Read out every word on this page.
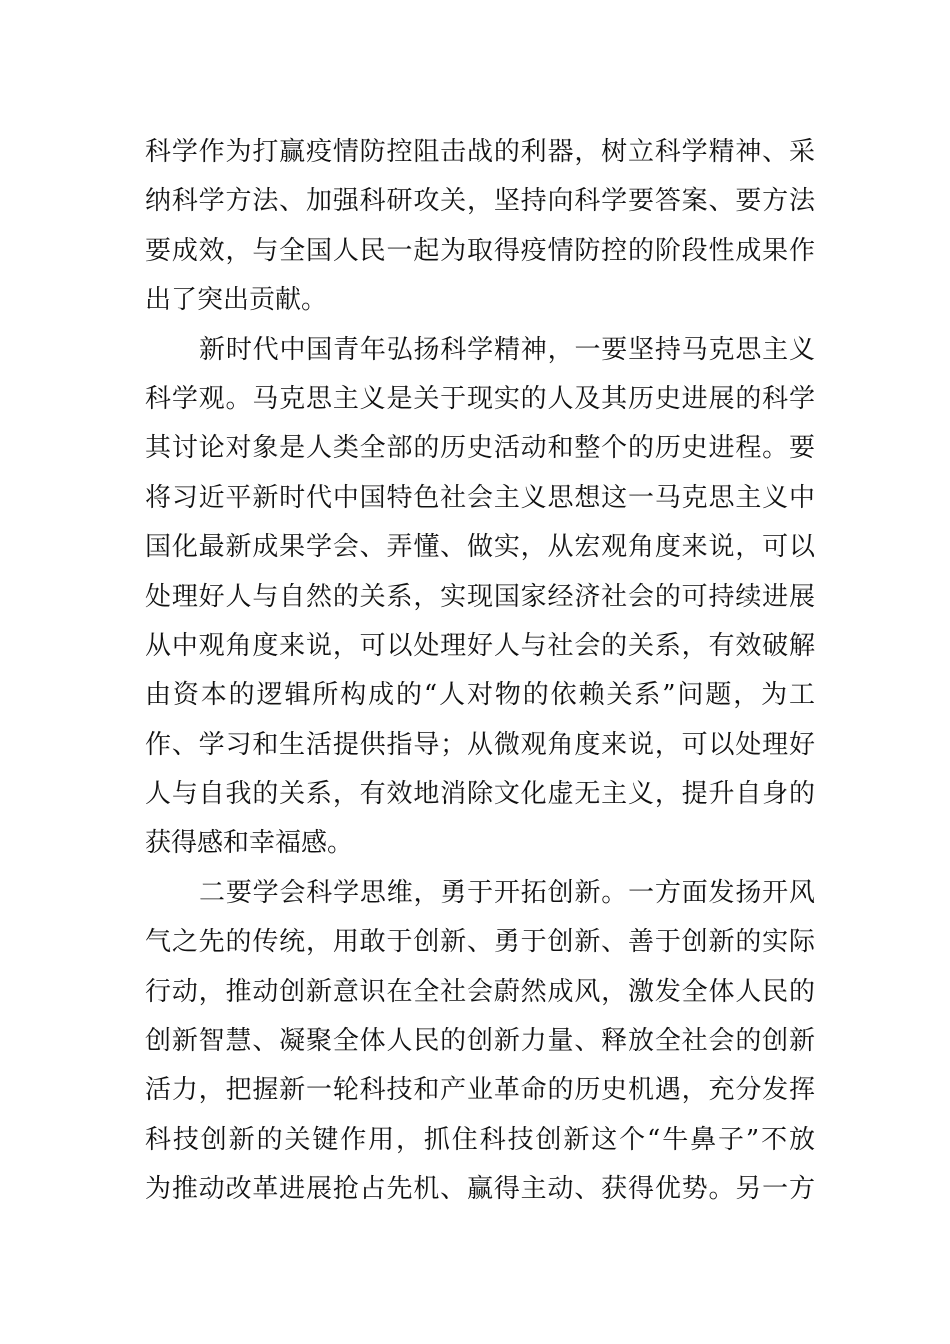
科学作为打赢疫情防控阻击战的利器，树立科学精神、采
纳科学方法、加强科研攻关，坚持向科学要答案、要方法
要成效，与全国人民一起为取得疫情防控的阶段性成果作
出了突出贡献。
新时代中国青年弘扬科学精神，一要坚持马克思主义
科学观。马克思主义是关于现实的人及其历史进展的科学
其讨论对象是人类全部的历史活动和整个的历史进程。要
将习近平新时代中国特色社会主义思想这一马克思主义中
国化最新成果学会、弄懂、做实，从宏观角度来说，可以
处理好人与自然的关系，实现国家经济社会的可持续进展
从中观角度来说，可以处理好人与社会的关系，有效破解
由资本的逻辑所构成的“人对物的依赖关系”问题，为工
作、学习和生活提供指导；从微观角度来说，可以处理好
人与自我的关系，有效地消除文化虚无主义，提升自身的
获得感和幸福感。
二要学会科学思维，勇于开拓创新。一方面发扬开风
气之先的传统，用敢于创新、勇于创新、善于创新的实际
行动，推动创新意识在全社会蔚然成风，激发全体人民的
创新智慧、凝聚全体人民的创新力量、释放全社会的创新
活力，把握新一轮科技和产业革命的历史机遇，充分发挥
科技创新的关键作用，抓住科技创新这个“牛鼻子”不放
为推动改革进展抢占先机、赢得主动、获得优势。另一方
